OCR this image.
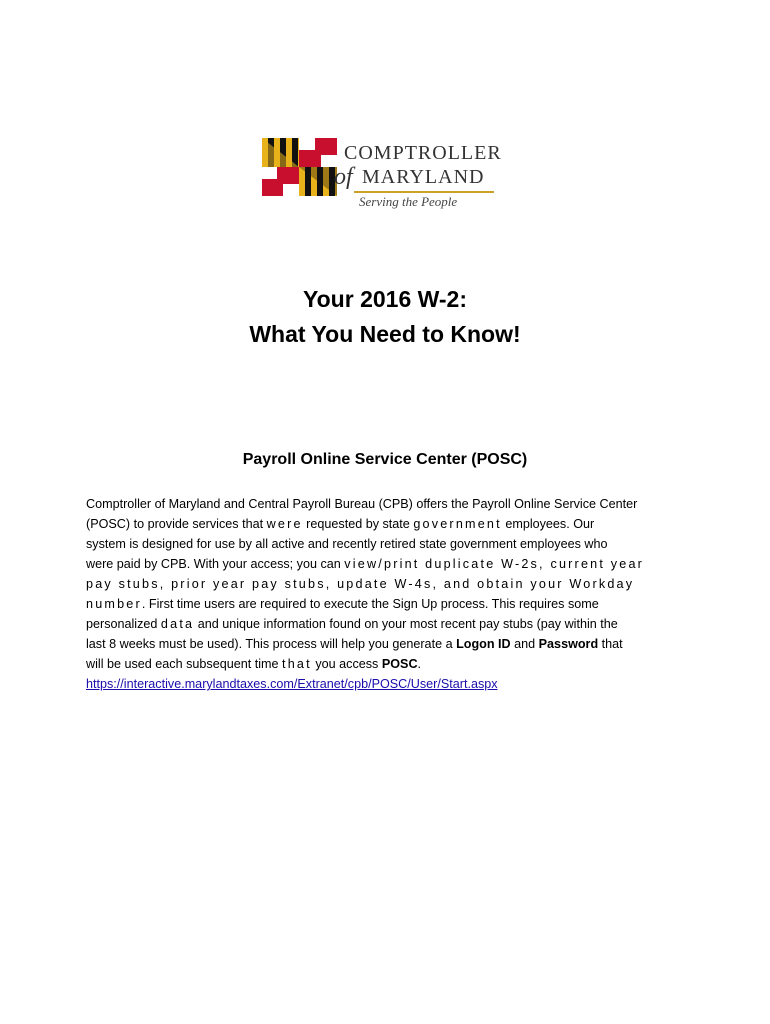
COMPTROLLER
of MARYLAND
Serving the People
Your 2016 W-2:
What You Need to Know!
Payroll Online Service Center (POSC)
Comptroller of Maryland and Central Payroll Bureau (CPB) offers the Payroll Online Service Center
(POSC) to provide services that were requested by state government employees. Our
system is designed for use by all active and recently retired state government employees who
were paid by CPB. With your access; you can view/print duplicate W-2s, current year
pay stubs, prior year pay stubs, update W-4s, and obtain your Workday
number. First time users are required to execute the Sign Up process. This requires some
personalized data and unique information found on your most recent pay stubs (pay within the
last 8 weeks must be used). This process will help you generate a Logon ID and Password that
will be used each subsequent time that you access POSC.
https://interactive.marylandtaxes.com/Extranet/cpb/POSC/User/Start.aspx
